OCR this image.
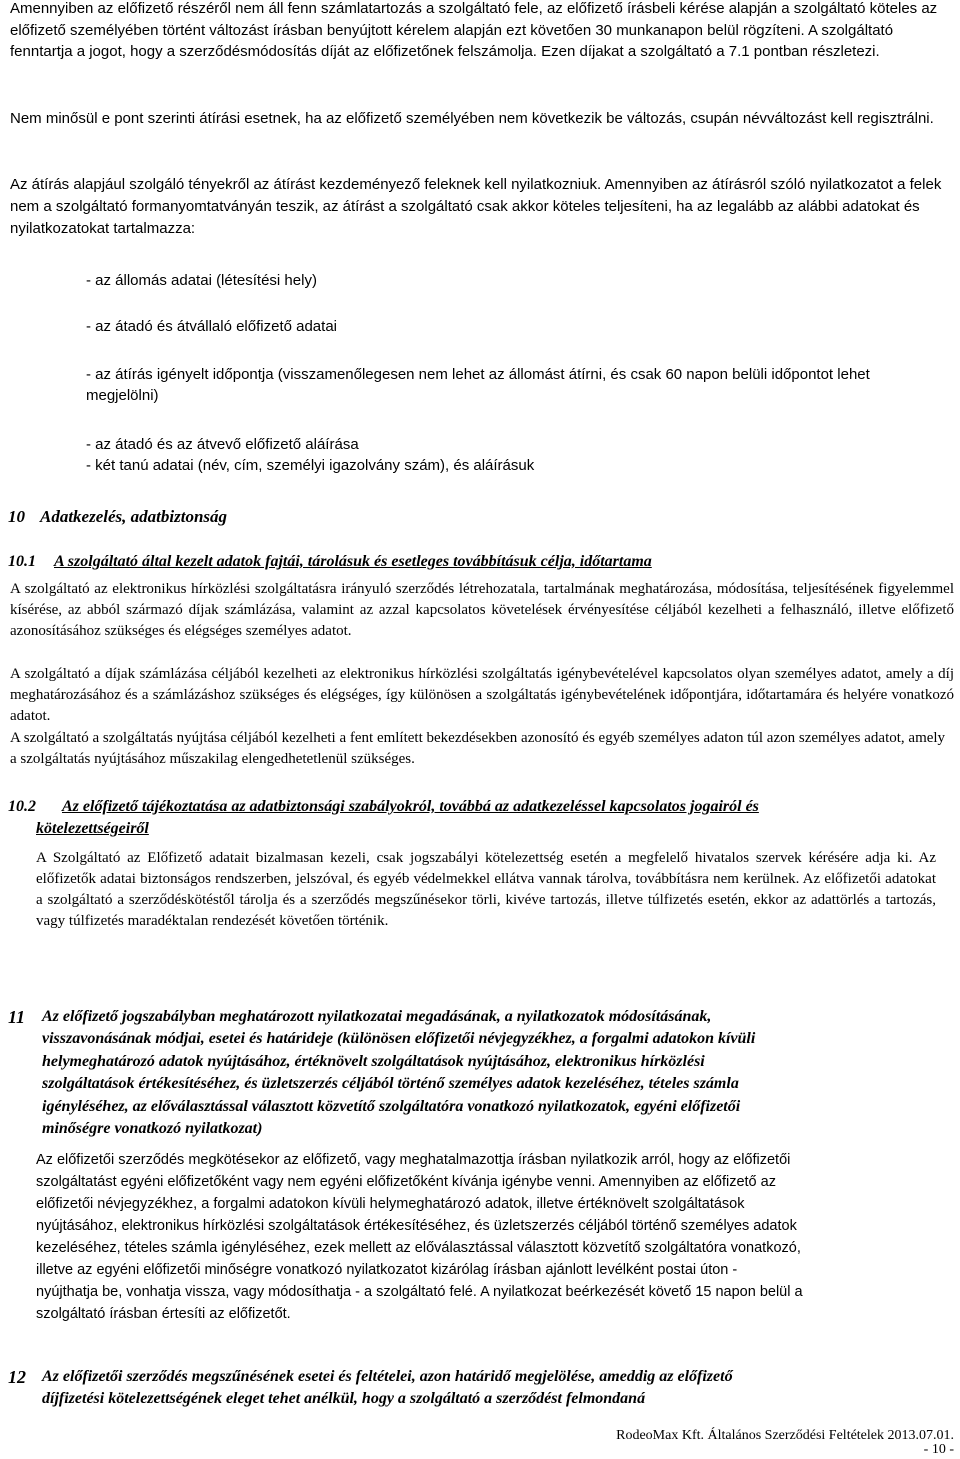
Amennyiben az előfizető részéről nem áll fenn számlatartozás a szolgáltató fele, az előfizető írásbeli kérése alapján a szolgáltató köteles az előfizető személyében történt változást írásban benyújtott kérelem alapján ezt követően 30 munkanapon belül rögzíteni. A szolgáltató fenntartja a jogot, hogy a szerződésmódosítás díját az előfizetőnek felszámolja. Ezen díjakat a szolgáltató a 7.1 pontban részletezi.

Nem minősül e pont szerinti átírási esetnek, ha az előfizető személyében nem következik be változás, csupán névváltozást kell regisztrálni.

Az átírás alapjául szolgáló tényekről az átírást kezdeményező feleknek kell nyilatkozniuk. Amennyiben az átírásról szóló nyilatkozatot a felek nem a szolgáltató formanyomtatványán teszik, az átírást a szolgáltató csak akkor köteles teljesíteni, ha az legalább az alábbi adatokat és nyilatkozatokat tartalmazza:

- az állomás adatai (létesítési hely)

- az átadó és átvállaló előfizető adatai

- az átírás igényelt időpontja (visszamenőlegesen nem lehet az állomást átírni, és csak 60 napon belüli időpontot lehet megjelölni)

- az átadó és az átvevő előfizető aláírása

- két tanú adatai (név, cím, személyi igazolvány szám), és aláírásuk

10 Adatkezelés, adatbiztonság
10.1 A szolgáltató által kezelt adatok fajtái, tárolásuk és esetleges továbbításuk célja, időtartama

A szolgáltató az elektronikus hírközlési szolgáltatásra irányuló szerződés létrehozatala, tartalmának meghatározása, módosítása, teljesítésének figyelemmel kísérése, az abból származó díjak számlázása, valamint az azzal kapcsolatos követelések érvényesítése céljából kezelheti a felhasználó, illetve előfizető azonosításához szükséges és elégséges személyes adatot.

A szolgáltató a díjak számlázása céljából kezelheti az elektronikus hírközlési szolgáltatás igénybevételével kapcsolatos olyan személyes adatot, amely a díj meghatározásához és a számlázáshoz szükséges és elégséges, így különösen a szolgáltatás igénybevételének időpontjára, időtartamára és helyére vonatkozó adatot.

A szolgáltató a szolgáltatás nyújtása céljából kezelheti a fent említett bekezdésekben azonosító és egyéb személyes adaton túl azon személyes adatot, amely a szolgáltatás nyújtásához műszakilag elengedhetetlenül szükséges.

10.2 Az előfizető tájékoztatása az adatbiztonsági szabályokról, továbbá az adatkezeléssel kapcsolatos jogairól és
kötelezettségeiről

A Szolgáltató az Előfizető adatait bizalmasan kezeli, csak jogszabályi kötelezettség esetén a megfelelő hivatalos szervek kérésére adja ki. Az előfizetők adatai biztonságos rendszerben, jelszóval, és egyéb védelmekkel ellátva vannak tárolva, továbbításra nem kerülnek. Az előfizetői adatokat a szolgáltató a szerződéskötéstől tárolja és a szerződés megszűnésekor törli, kivéve tartozás, illetve túlfizetés esetén, ekkor az adattörlés a tartozás, vagy túlfizetés maradéktalan rendezését követően történik.

11 Az előfizető jogszabályban meghatározott nyilatkozatai megadásának, a nyilatkozatok módosításának,
visszavonásának módjai, esetei és határideje (különösen előfizetői névjegyzékhez, a forgalmi adatokon kívüli
helymeghatározó adatok nyújtásához, értéknövelt szolgáltatások nyújtásához, elektronikus hírközlési
szolgáltatások értékesítéséhez, és üzletszerzés céljából történő személyes adatok kezeléséhez, tételes számla
igényléséhez, az előválasztással választott közvetítő szolgáltatóra vonatkozó nyilatkozatok, egyéni előfizetői
minőségre vonatkozó nyilatkozat)
Az előfizetői szerződés megkötésekor az előfizető, vagy meghatalmazottja írásban nyilatkozik arról, hogy az előfizetői
szolgáltatást egyéni előfizetőként vagy nem egyéni előfizetőként kívánja igénybe venni. Amennyiben az előfizető az
előfizetői névjegyzékhez, a forgalmi adatokon kívüli helymeghatározó adatok, illetve értéknövelt szolgáltatások
nyújtásához, elektronikus hírközlési szolgáltatások értékesítéséhez, és üzletszerzés céljából történő személyes adatok
kezeléséhez, tételes számla igényléséhez, ezek mellett az előválasztással választott közvetítő szolgáltatóra vonatkozó,
illetve az egyéni előfizetői minőségre vonatkozó nyilatkozatot kizárólag írásban ajánlott levélként postai úton -
nyújthatja be, vonhatja vissza, vagy módosíthatja - a szolgáltató felé. A nyilatkozat beérkezését követő 15 napon belül a
szolgáltató írásban értesíti az előfizetőt.
12 Az előfizetői szerződés megszűnésének esetei és feltételei, azon határidő megjelölése, ameddig az előfizető
díjfizetési kötelezettségének eleget tehet anélkül, hogy a szolgáltató a szerződést felmondaná
RodeoMax Kft. Általános Szerződési Feltételek 2013.07.01.
- 10 -
